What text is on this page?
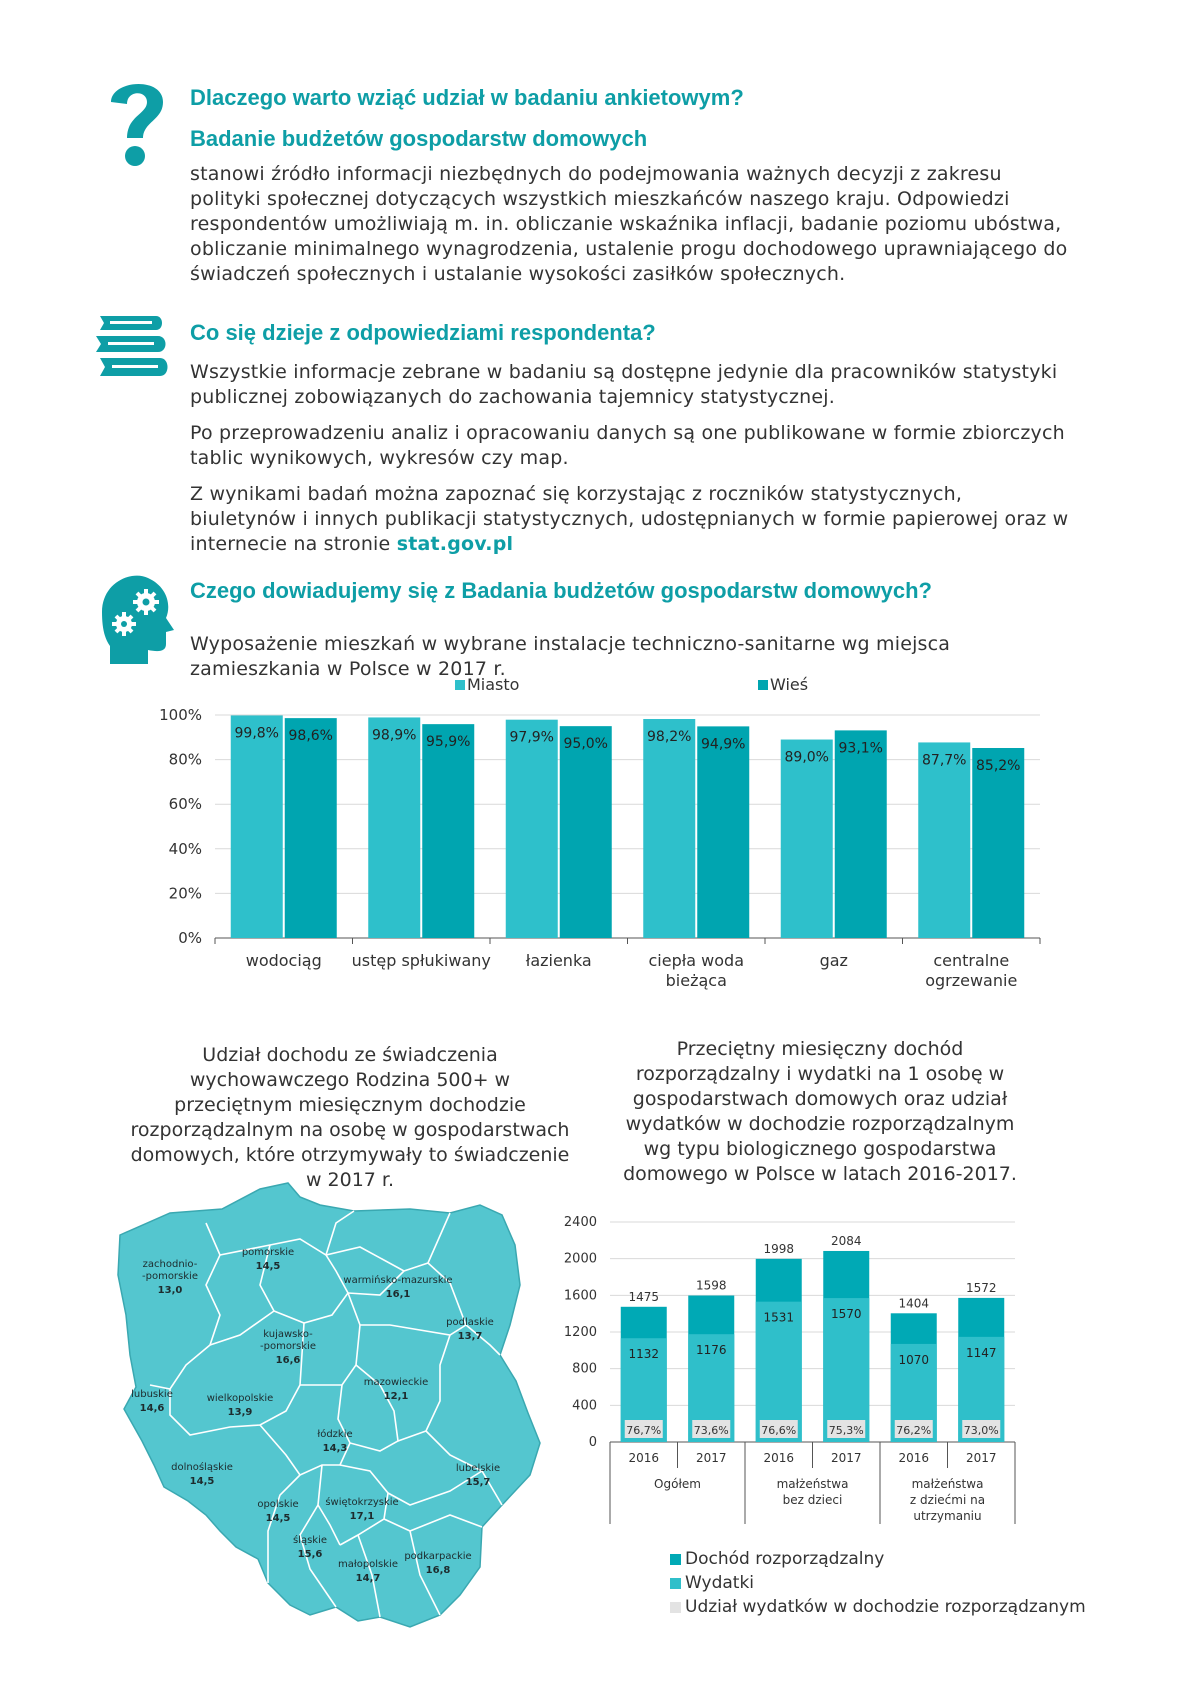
Dlaczego warto wziąć udział w badaniu ankietowym?
Badanie budżetów gospodarstw domowych
stanowi źródło informacji niezbędnych do podejmowania ważnych decyzji z zakresu polityki społecznej dotyczących wszystkich mieszkańców naszego kraju. Odpowiedzi respondentów umożliwiają m. in. obliczanie wskaźnika inflacji, badanie poziomu ubóstwa, obliczanie minimalnego wynagrodzenia, ustalenie progu dochodowego uprawniającego do świadczeń społecznych i ustalanie wysokości zasiłków społecznych.
Co się dzieje z odpowiedziami respondenta?
Wszystkie informacje zebrane w badaniu są dostępne jedynie dla pracowników statystyki publicznej zobowiązanych do zachowania tajemnicy statystycznej.
Po przeprowadzeniu analiz i opracowaniu danych są one publikowane w formie zbiorczych tablic wynikowych, wykresów czy map.
Z wynikami badań można zapoznać się korzystając z roczników statystycznych, biuletynów i innych publikacji statystycznych, udostępnianych w formie papierowej oraz w internecie na stronie stat.gov.pl
Czego dowiadujemy się z Badania budżetów gospodarstw domowych?
Wyposażenie mieszkań w wybrane instalacje techniczno-sanitarne wg miejsca zamieszkania w Polsce w 2017 r.
Miasto	Wieś
0%
20%
40%
60%
80%
100%
99,8% 98,6%
wodociąg
98,9% 95,9%
ustęp spłukiwany
97,9% 95,0%
łazienka
98,2% 94,9%
ciepła woda
bieżąca
89,0%
93,1%
gaz
87,7% 85,2%
centralne
ogrzewanie
Udział dochodu ze świadczenia wychowawczego Rodzina 500+ w przeciętnym miesięcznym dochodzie rozporządzalnym na osobę w gospodarstwach domowych, które otrzymywały to świadczenie w 2017 r.
zachodnio-
-pomorskie
13,0
pomorskie
14,5
warmińsko-mazurskie
16,1
podlaskie
13,7
kujawsko-
-pomorskie
16,6
lubuskie
14,6
wielkopolskie
13,9
mazowieckie
12,1
łódzkie
14,3
dolnośląskie
14,5
opolskie
14,5
lubelskie
15,7
świętokrzyskie
17,1
śląskie
15,6
małopolskie
14,7
podkarpackie
16,8
Przeciętny miesięczny dochód rozporządzalny i wydatki na 1 osobę w gospodarstwach domowych oraz udział wydatków w dochodzie rozporządzalnym wg typu biologicznego gospodarstwa domowego w Polsce w latach 2016-2017.
0
400
800
1200
1600
2000
2400
76,7%
1475
1132
2016
73,6%
1598
1176
2017
76,6%
1998
1531
2016
75,3%
2084
1570
2017
76,2%
1404
1070
2016
73,0%
1572
1147
2017
Ogółem	małżeństwa
bez dzieci
małżeństwa
z dziećmi na
utrzymaniu
Dochód rozporządzalny
Wydatki
Udział wydatków w dochodzie rozporządzanym
